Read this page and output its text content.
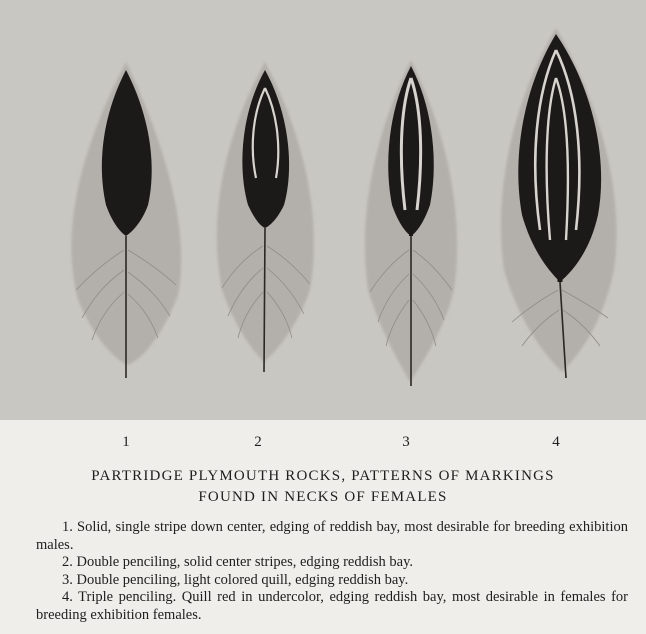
1	2	3	4
PARTRIDGE PLYMOUTH ROCKS, PATTERNS OF MARKINGS
FOUND IN NECKS OF FEMALES

1. Solid, single stripe down center, edging of reddish bay, most desirable for breeding exhibition males.

2. Double penciling, solid center stripes, edging reddish bay.

3. Double penciling, light colored quill, edging reddish bay.

4. Triple penciling. Quill red in undercolor, edging reddish bay, most desirable in females for breeding exhibition females.
